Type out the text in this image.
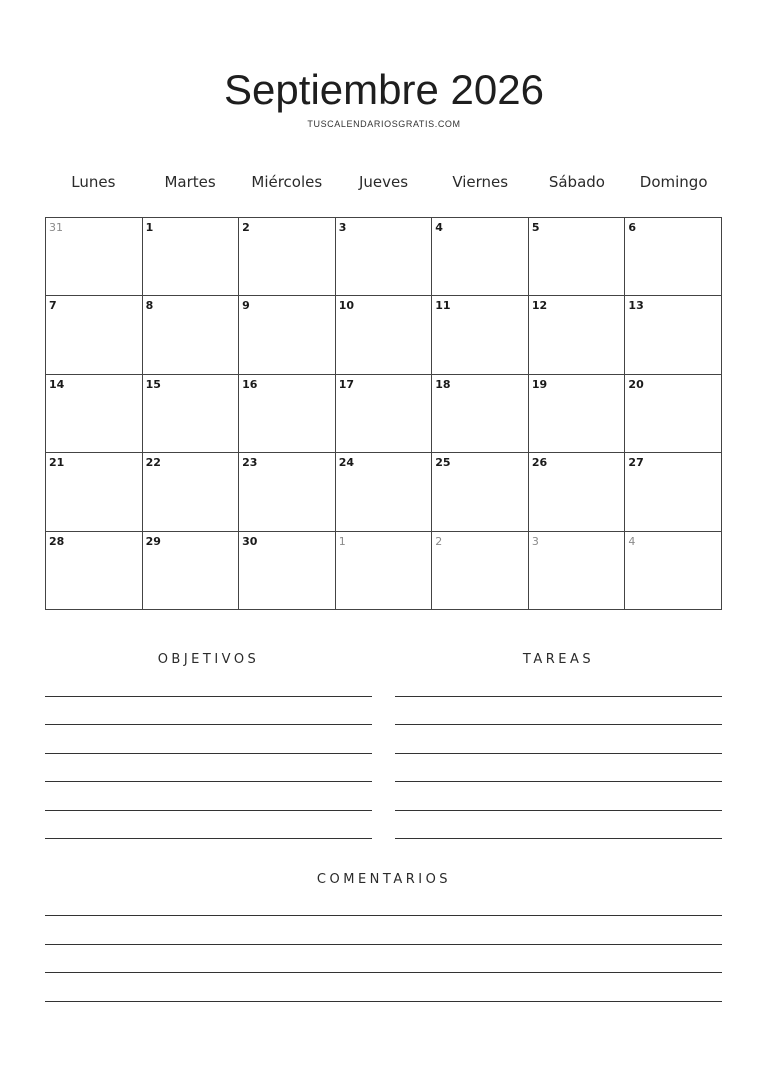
Septiembre 2026
TUSCALENDARIOSGRATIS.COM
Lunes	Martes	Miércoles	Jueves	Viernes	Sábado	Domingo
31	1	2	3	4	5	6
7	8	9	10	11	12	13
14	15	16	17	18	19	20
21	22	23	24	25	26	27
28	29	30	1	2	3	4
OBJETIVOS	TAREAS
COMENTARIOS
